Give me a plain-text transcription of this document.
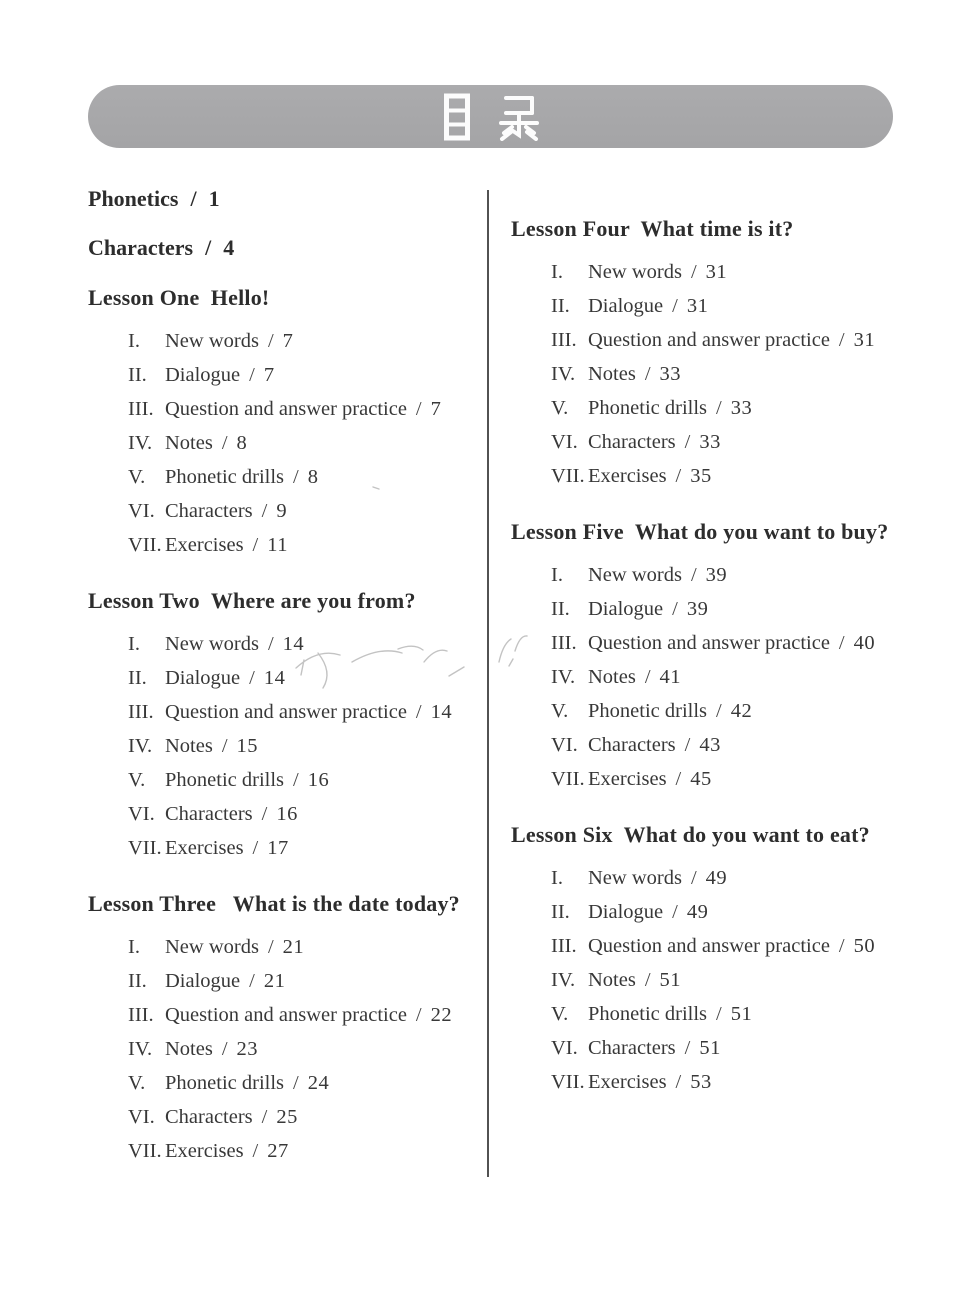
Phonetics / 1
Characters / 4
Lesson One  Hello!
I. New words / 7
II. Dialogue / 7
III. Question and answer practice / 7
IV. Notes / 8
V. Phonetic drills / 8
VI. Characters / 9
VII. Exercises / 11
Lesson Two  Where are you from?
I. New words / 14
II. Dialogue / 14
III. Question and answer practice / 14
IV. Notes / 15
V. Phonetic drills / 16
VI. Characters / 16
VII. Exercises / 17
Lesson Three   What is the date today?
I. New words / 21
II. Dialogue / 21
III. Question and answer practice / 22
IV. Notes / 23
V. Phonetic drills / 24
VI. Characters / 25
VII. Exercises / 27
Lesson Four  What time is it?
I. New words / 31
II. Dialogue / 31
III. Question and answer practice / 31
IV. Notes / 33
V. Phonetic drills / 33
VI. Characters / 33
VII. Exercises / 35
Lesson Five  What do you want to buy?
I. New words / 39
II. Dialogue / 39
III. Question and answer practice / 40
IV. Notes / 41
V. Phonetic drills / 42
VI. Characters / 43
VII. Exercises / 45
Lesson Six  What do you want to eat?
I. New words / 49
II. Dialogue / 49
III. Question and answer practice / 50
IV. Notes / 51
V. Phonetic drills / 51
VI. Characters / 51
VII. Exercises / 53
